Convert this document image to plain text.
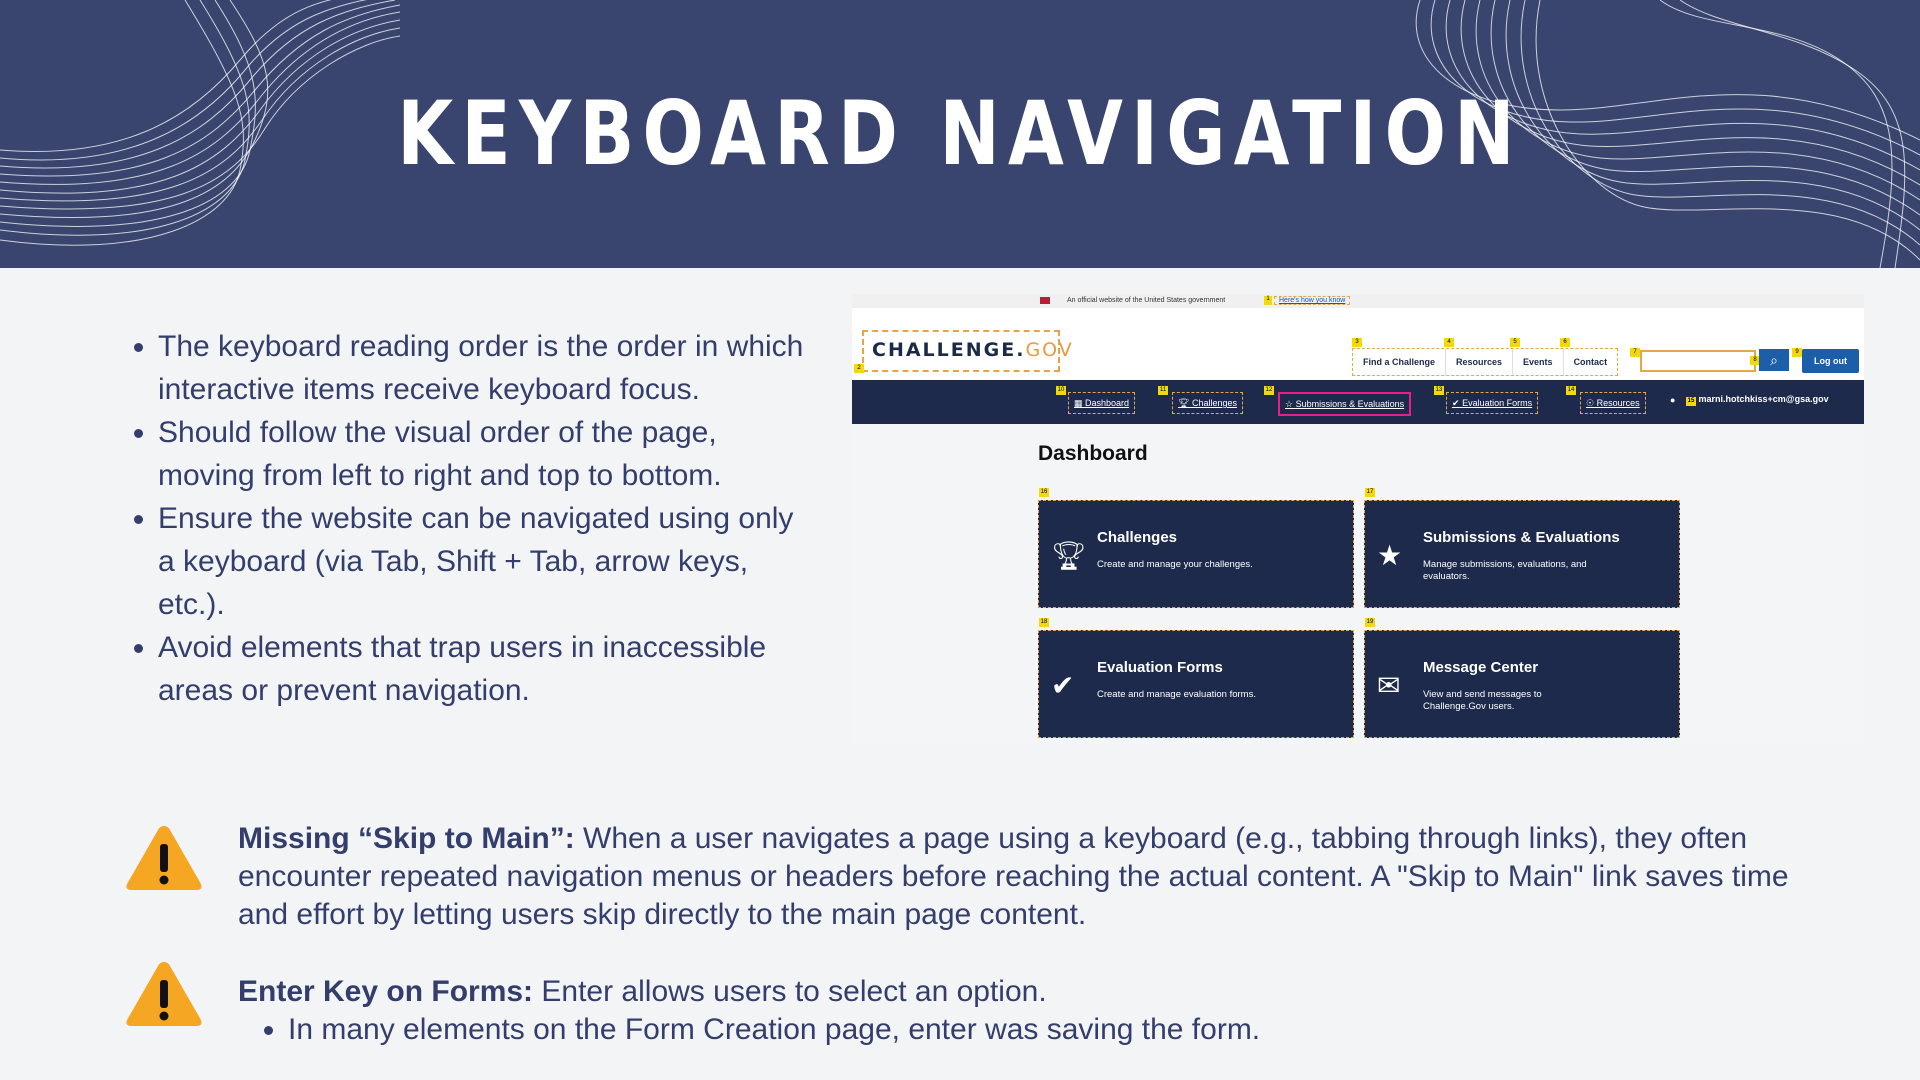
KEYBOARD NAVIGATION
• The keyboard reading order is the order in which interactive items receive keyboard focus.
• Should follow the visual order of the page, moving from left to right and top to bottom.
• Ensure the website can be navigated using only a keyboard (via Tab, Shift + Tab, arrow keys, etc.).
• Avoid elements that trap users in inaccessible areas or prevent navigation.
An official website of the United States government	1	Here's how you know
CHALLENGE.GOV
2
3	4	5	6
Find a Challenge	Resources	Events	Contact
7
8 ⌕	9
Log out
10
▦ Dashboard
11
🏆︎ Challenges
12
☆ Submissions & Evaluations
13
✔ Evaluation Forms
14
☉ Resources	● 15 marni.hotchkiss+cm@gsa.gov
Dashboard
16
🏆︎
Challenges
Create and manage your challenges.
17
★
Submissions & Evaluations
Manage submissions, evaluations, and evaluators.
18
✔
Evaluation Forms
Create and manage evaluation forms.
19
✉
Message Center
View and send messages to Challenge.Gov users.
Missing “Skip to Main”: When a user navigates a page using a keyboard (e.g., tabbing through links), they often encounter repeated navigation menus or headers before reaching the actual content. A "Skip to Main" link saves time and effort by letting users skip directly to the main page content.
Enter Key on Forms: Enter allows users to select an option.
• In many elements on the Form Creation page, enter was saving the form.
